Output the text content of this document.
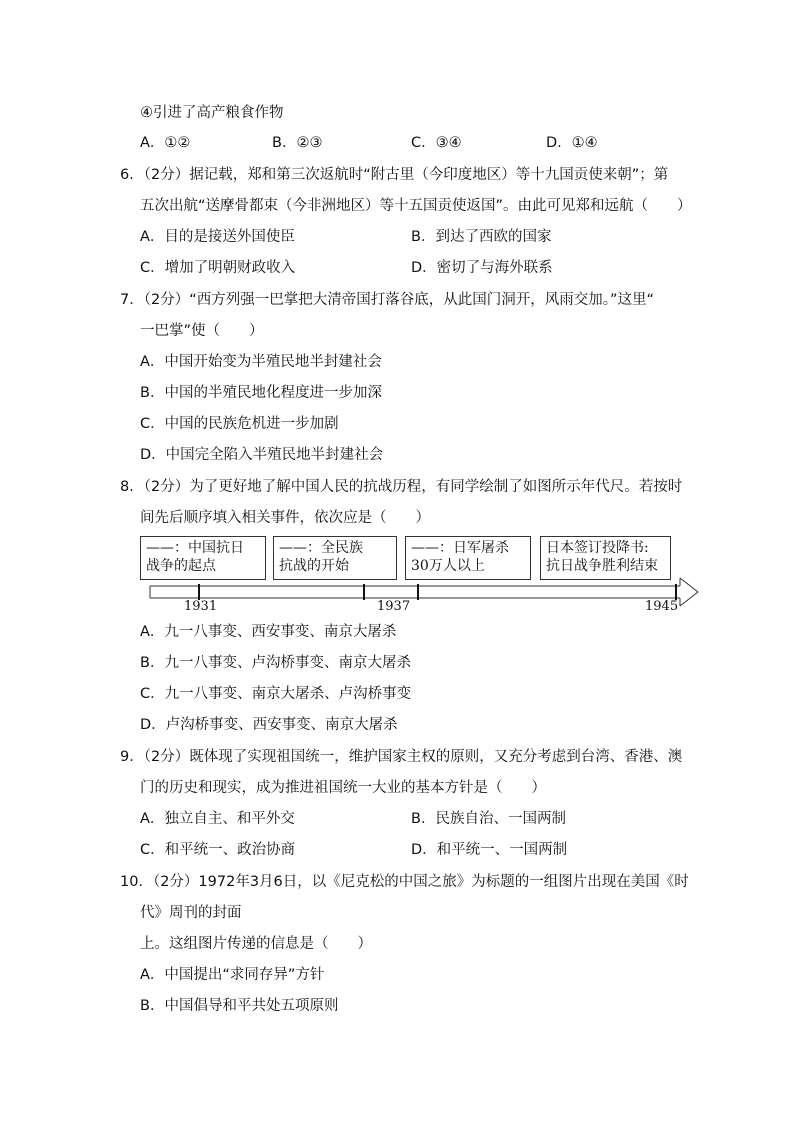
④引进了高产粮食作物
A．①②	B．②③	C．③④	D．①④
6．（2分）据记载，郑和第三次返航时“附古里（今印度地区）等十九国贡使来朝”；第
五次出航“送摩骨都束（今非洲地区）等十五国贡使返国”。由此可见郑和远航（　　）
A．目的是接送外国使臣	B．到达了西欧的国家
C．增加了明朝财政收入	D．密切了与海外联系
7．（2分）“西方列强一巴掌把大清帝国打落谷底，从此国门洞开，风雨交加。”这里“
一巴掌”使（　　）
A．中国开始变为半殖民地半封建社会
B．中国的半殖民地化程度进一步加深
C．中国的民族危机进一步加剧
D．中国完全陷入半殖民地半封建社会
8．（2分）为了更好地了解中国人民的抗战历程，有同学绘制了如图所示年代尺。若按时
间先后顺序填入相关事件，依次应是（　　）
——：中国抗日
战争的起点
——：全民族
抗战的开始
——：日军屠杀
30万人以上
日本签订投降书:
抗日战争胜利结束
1931	1937	1945
A．九一八事变、西安事变、南京大屠杀
B．九一八事变、卢沟桥事变、南京大屠杀
C．九一八事变、南京大屠杀、卢沟桥事变
D．卢沟桥事变、西安事变、南京大屠杀
9．（2分）既体现了实现祖国统一，维护国家主权的原则，又充分考虑到台湾、香港、澳
门的历史和现实，成为推进祖国统一大业的基本方针是（　　）
A．独立自主、和平外交	B．民族自治、一国两制
C．和平统一、政治协商	D．和平统一、一国两制
10．（2分）1972年3月6日，以《尼克松的中国之旅》为标题的一组图片出现在美国《时
代》周刊的封面
上。这组图片传递的信息是（　　）
A．中国提出“求同存异”方针
B．中国倡导和平共处五项原则
